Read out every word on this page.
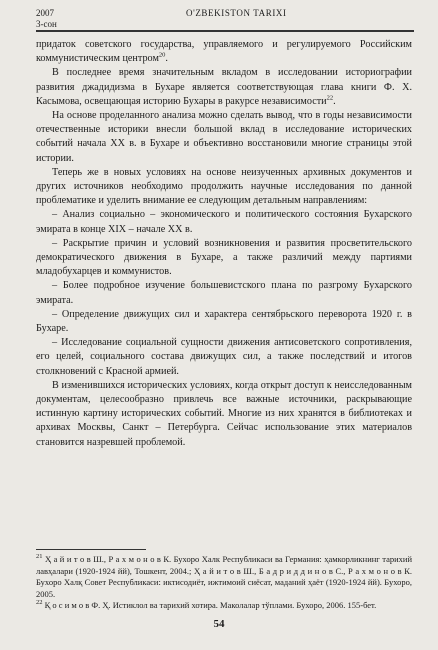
2007
3-сон
O'ZBEKISTON TARIXI

придаток советского государства, управляемого и регулируемого Российским коммунистическим центром$^{20}$.

В последнее время значительным вкладом в исследовании историографии развития джадидизма в Бухаре является соответствующая глава книги Ф. Х. Касымова, освещающая историю Бухары в ракурсе независимости$^{22}$.

На основе проделанного анализа можно сделать вывод, что в годы независимости отечественные историки внесли большой вклад в исследование исторических событий начала XX в. в Бухаре и объективно восстановили многие страницы этой истории.

Теперь же в новых условиях на основе неизученных архивных документов и других источников необходимо продолжить научные исследования по данной проблематике и уделить внимание ее следующим детальным направлениям:

– Анализ социально – экономического и политического состояния Бухарского эмирата в конце XIX – начале XX в.

– Раскрытие причин и условий возникновения и развития просветительского демократического движения в Бухаре, а также различий между партиями младобухарцев и коммунистов.

– Более подробное изучение большевистского плана по разгрому Бухарского эмирата.

– Определение движущих сил и характера сентябрьского переворота 1920 г. в Бухаре.

– Исследование социальной сущности движения антисоветского сопротивления, его целей, социального состава движущих сил, а также последствий и итогов столкновений с Красной армией.

В изменившихся исторических условиях, когда открыт доступ к неисследованным документам, целесообразно привлечь все важные источники, раскрывающие истинную картину исторических событий. Многие из них хранятся в библиотеках и архивах Москвы, Санкт – Петербурга. Сейчас использование этих материалов становится назревшей проблемой.

$^{21}$ Ҳ а й и т о в Ш., Р а х м о н о в К. Бухоро Халк Республикаси ва Германия: ҳамкорликнинг тарихий лавҳалари (1920-1924 йй), Тошкент, 2004.; Ҳ а й и т о в Ш., Б а д р и д д и н о в С., Р а х м о н о в К. Бухоро Халқ Совет Республикаси: иктисодиёт, ижтимоий сиёсат, маданий ҳаёт (1920-1924 йй). Бухоро, 2005.

$^{22}$ Қ о с и м о в Ф. Ҳ. Истиклол ва тарихий хотира. Маколалар тўплами. Бухоро, 2006. 155-бет.

54
